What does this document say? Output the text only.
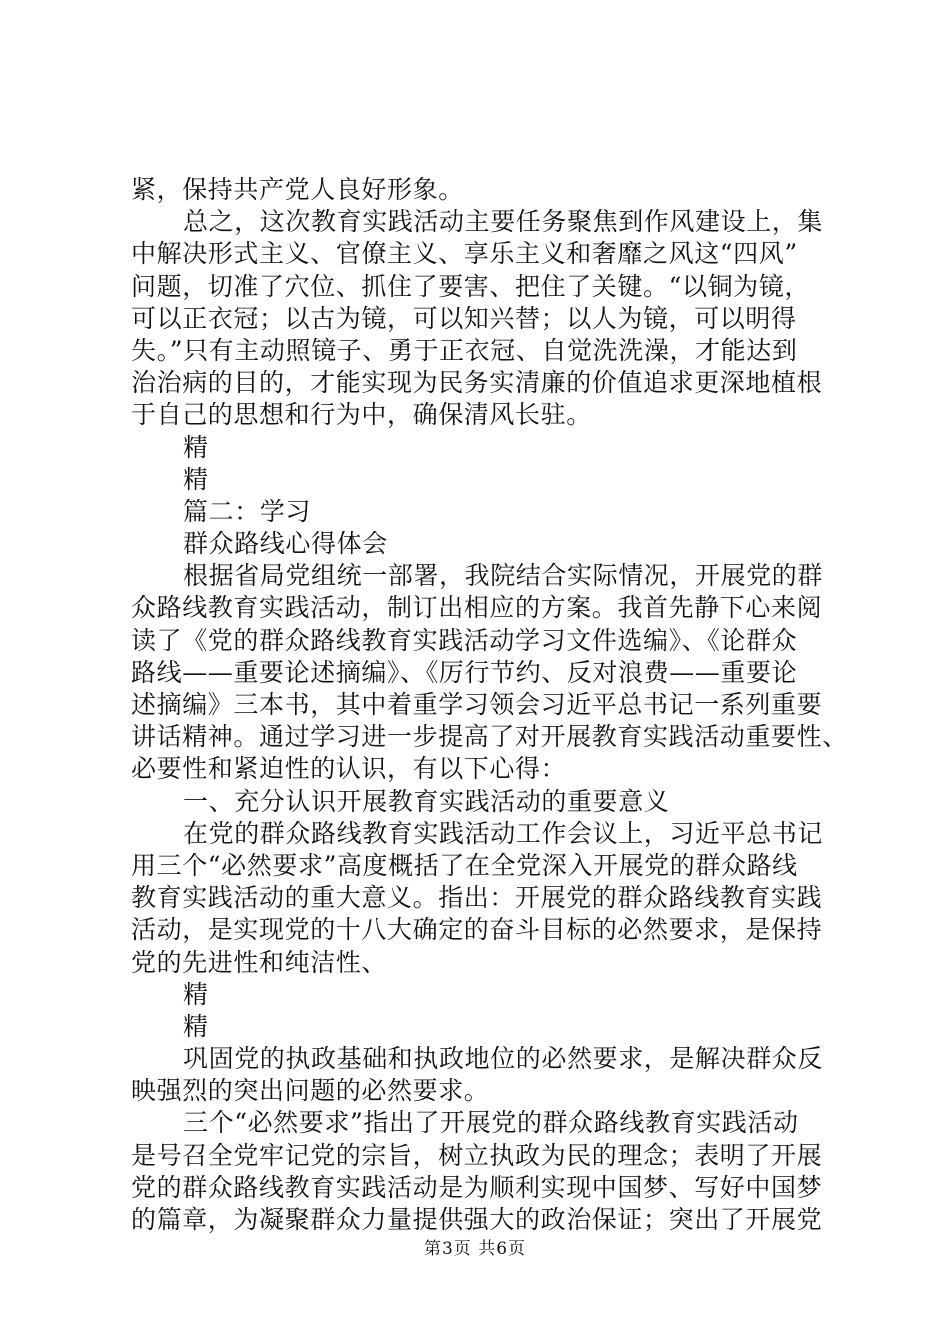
紧，保持共产党人良好形象。
总之，这次教育实践活动主要任务聚焦到作风建设上，集
中解决形式主义、官僚主义、享乐主义和奢靡之风这“四风”
问题，切准了穴位、抓住了要害、把住了关键。“以铜为镜，
可以正衣冠；以古为镜，可以知兴替；以人为镜，可以明得
失。”只有主动照镜子、勇于正衣冠、自觉洗洗澡，才能达到
治治病的目的，才能实现为民务实清廉的价值追求更深地植根
于自己的思想和行为中，确保清风长驻。
精
精
篇二：学习
群众路线心得体会
根据省局党组统一部署，我院结合实际情况，开展党的群
众路线教育实践活动，制订出相应的方案。我首先静下心来阅
读了《党的群众路线教育实践活动学习文件选编》、《论群众
路线——重要论述摘编》、《厉行节约、反对浪费——重要论
述摘编》三本书，其中着重学习领会习近平总书记一系列重要
讲话精神。通过学习进一步提高了对开展教育实践活动重要性、
必要性和紧迫性的认识，有以下心得：
一、充分认识开展教育实践活动的重要意义
在党的群众路线教育实践活动工作会议上，习近平总书记
用三个“必然要求”高度概括了在全党深入开展党的群众路线
教育实践活动的重大意义。指出：开展党的群众路线教育实践
活动，是实现党的十八大确定的奋斗目标的必然要求，是保持
党的先进性和纯洁性、
精
精
巩固党的执政基础和执政地位的必然要求，是解决群众反
映强烈的突出问题的必然要求。
三个“必然要求”指出了开展党的群众路线教育实践活动
是号召全党牢记党的宗旨，树立执政为民的理念；表明了开展
党的群众路线教育实践活动是为顺利实现中国梦、写好中国梦
的篇章，为凝聚群众力量提供强大的政治保证；突出了开展党
第3页 共6页
